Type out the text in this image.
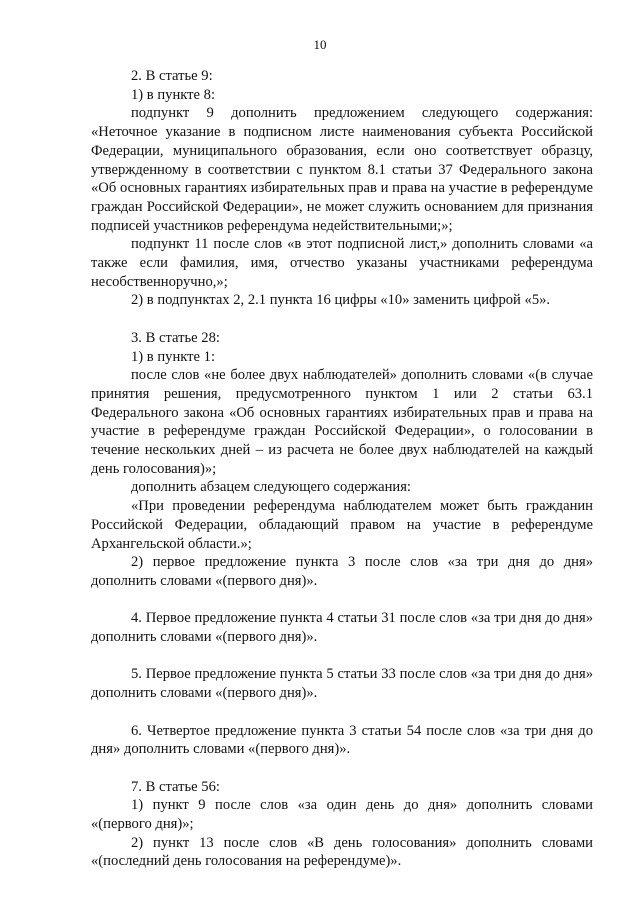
10

2. В статье 9:

1) в пункте 8:

подпункт 9 дополнить предложением следующего содержания: «Неточное указание в подписном листе наименования субъекта Российской Федерации, муниципального образования, если оно соответствует образцу, утвержденному в соответствии с пунктом 8.1 статьи 37 Федерального закона «Об основных гарантиях избирательных прав и права на участие в референдуме граждан Российской Федерации», не может служить основанием для признания подписей участников референдума недействительными;»;

подпункт 11 после слов «в этот подписной лист,» дополнить словами «а также если фамилия, имя, отчество указаны участниками референдума несобственноручно,»;

2) в подпунктах 2, 2.1 пункта 16 цифры «10» заменить цифрой «5».

3. В статье 28:

1) в пункте 1:

после слов «не более двух наблюдателей» дополнить словами «(в случае принятия решения, предусмотренного пунктом 1 или 2 статьи 63.1 Федерального закона «Об основных гарантиях избирательных прав и права на участие в референдуме граждан Российской Федерации», о голосовании в течение нескольких дней – из расчета не более двух наблюдателей на каждый день голосования)»;

дополнить абзацем следующего содержания:

«При проведении референдума наблюдателем может быть гражданин Российской Федерации, обладающий правом на участие в референдуме Архангельской области.»;

2) первое предложение пункта 3 после слов «за три дня до дня» дополнить словами «(первого дня)».

4. Первое предложение пункта 4 статьи 31 после слов «за три дня до дня» дополнить словами «(первого дня)».

5. Первое предложение пункта 5 статьи 33 после слов «за три дня до дня» дополнить словами «(первого дня)».

6. Четвертое предложение пункта 3 статьи 54 после слов «за три дня до дня» дополнить словами «(первого дня)».

7. В статье 56:

1) пункт 9 после слов «за один день до дня» дополнить словами «(первого дня)»;

2) пункт 13 после слов «В день голосования» дополнить словами «(последний день голосования на референдуме)».
